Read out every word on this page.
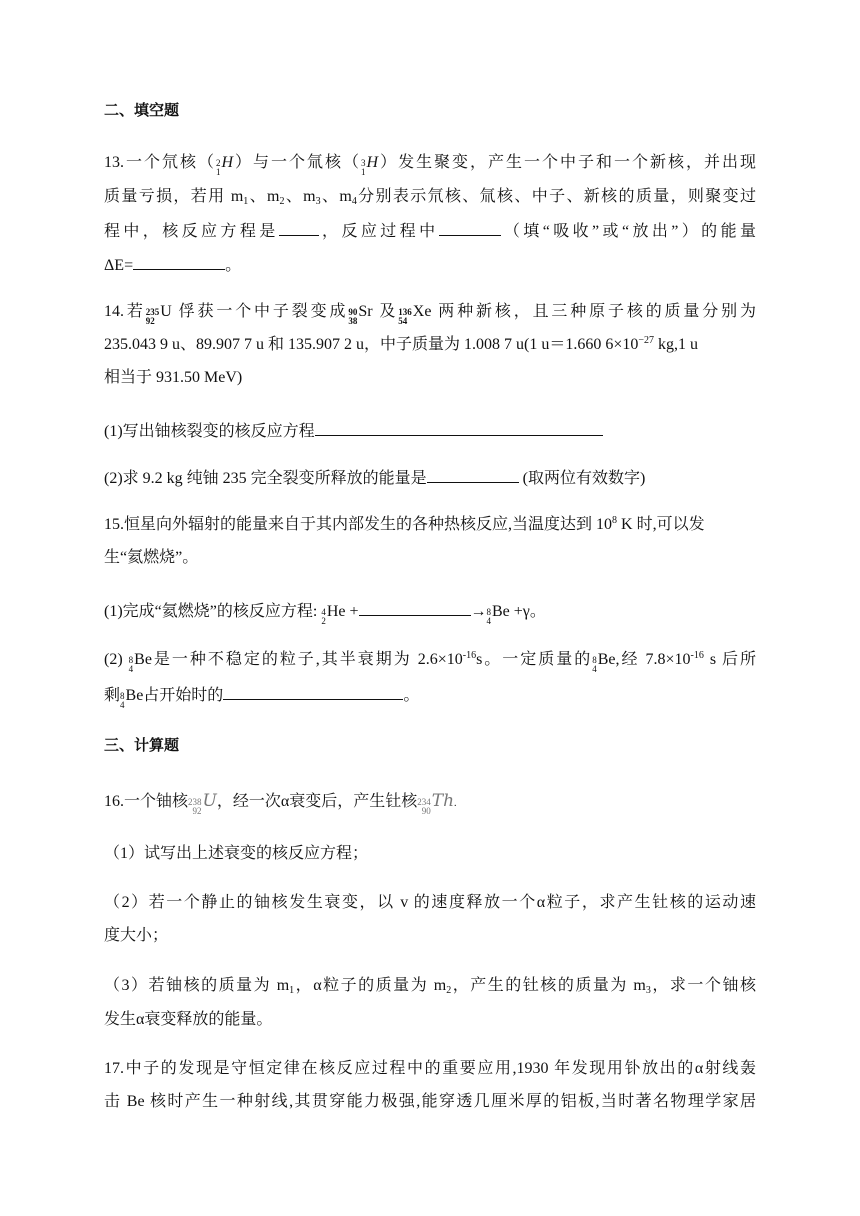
二、填空题
13.一个氘核（ 2
1
H ）与一个氚核（ 3
1
H ）发生聚变，产生一个中子和一个新核，并出现
质量亏损，若用 $m_1$、$m_2$、$m_3$、$m_4$分别表示氘核、氚核、中子、新核的质量，则聚变过
程中，核反应方程是	，反应过程中	（填“吸收”或“放出”）的能量
ΔE=	。
14.若 235
92
U 俘获一个中子裂变成 90
38
Sr 及 136
54
Xe 两种新核，且三种原子核的质量分别为
235.043 9 u、89.907 7 u 和 135.907 2 u，中子质量为 1.008 7 u(1 u＝1.660 $6\times 10^{-27}$ kg,1 u
相当于 931.50 MeV)
(1)写出铀核裂变的核反应方程
(2)求 9.2 kg 纯铀 235 完全裂变所释放的能量是	(取两位有效数字)
15.恒星向外辐射的能量来自于其内部发生的各种热核反应,当温度达到 $10^8$ K 时,可以发
生“氦燃烧”。
(1)完成“氦燃烧”的核反应方程: 4
2
He +	→ 8
4
Be +γ。
(2) 8
4
Be 是一种不稳定的粒子,其半衰期为 $2.6\times 10^{-16}s$。一定质量的 8
4
Be ,经 $7.8\times 10^{-16}$ s 后所
剩 8
4
Be 占开始时的	。
三、计算题
16.一个铀核 238
92 U ，经一次α衰变后，产生钍核 234
90 Th .
（1）试写出上述衰变的核反应方程；
（2）若一个静止的铀核发生衰变，以 v 的速度释放一个α粒子，求产生钍核的运动速
度大小；
（3）若铀核的质量为 $m_1$，α粒子的质量为 $m_2$，产生的钍核的质量为 $m_3$，求一个铀核
发生α衰变释放的能量。
17.中子的发现是守恒定律在核反应过程中的重要应用,1930 年发现用钋放出的α射线轰
击 Be 核时产生一种射线,其贯穿能力极强,能穿透几厘米厚的铝板,当时著名物理学家居
